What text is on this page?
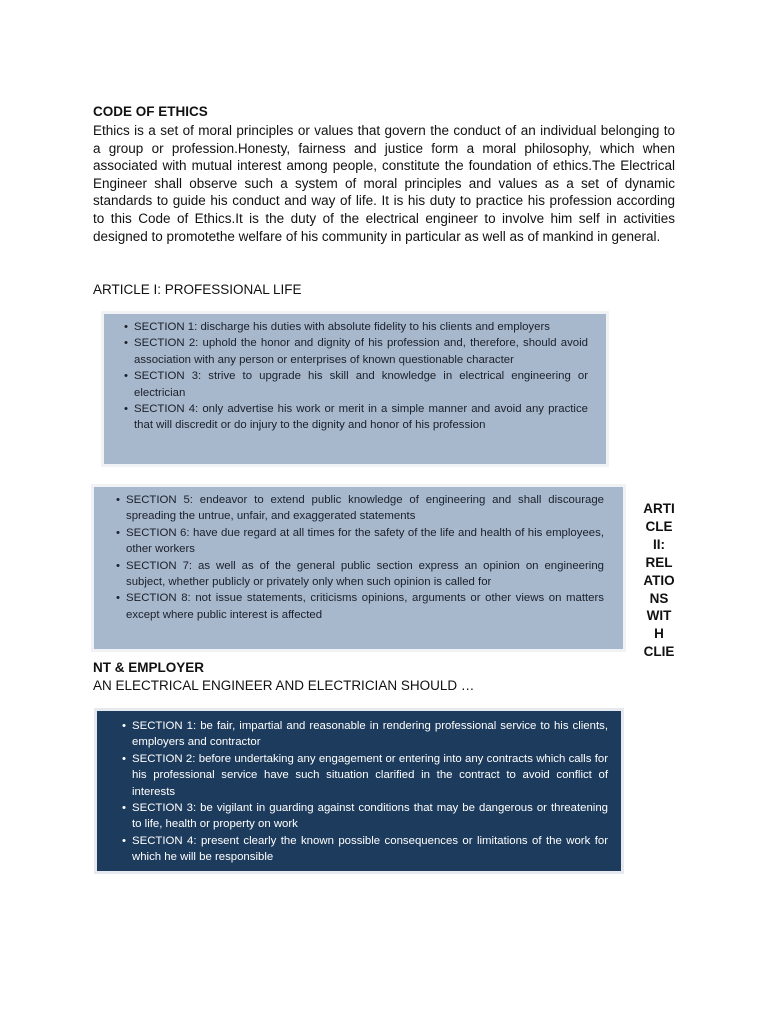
CODE OF ETHICS
Ethics is a set of moral principles or values that govern the conduct of an individual belonging to a group or profession.Honesty, fairness and justice form a moral philosophy, which when associated with mutual interest among people, constitute the foundation of ethics.The Electrical Engineer shall observe such a system of moral principles and values as a set of dynamic standards to guide his conduct and way of life. It is his duty to practice his profession according to this Code of Ethics.It is the duty of the electrical engineer to involve him self in activities designed to promotethe welfare of his community in particular as well as of mankind in general.
ARTICLE I: PROFESSIONAL LIFE
• SECTION 1: discharge his duties with absolute fidelity to his clients and employers
• SECTION 2: uphold the honor and dignity of his profession and, therefore, should avoid association with any person or enterprises of known questionable character
• SECTION 3: strive to upgrade his skill and knowledge in electrical engineering or electrician
• SECTION 4: only advertise his work or merit in a simple manner and avoid any practice that will discredit or do injury to the dignity and honor of his profession
• SECTION 5: endeavor to extend public knowledge of engineering and shall discourage spreading the untrue, unfair, and exaggerated statements
• SECTION 6: have due regard at all times for the safety of the life and health of his employees, other workers
• SECTION 7: as well as of the general public section express an opinion on engineering subject, whether publicly or privately only when such opinion is called for
• SECTION 8: not issue statements, criticisms opinions, arguments or other views on matters except where public interest is affected
ARTI
CLE
II:
REL
ATIO
NS
WIT
H
CLIE
NT & EMPLOYER
AN ELECTRICAL ENGINEER AND ELECTRICIAN SHOULD …
• SECTION 1: be fair, impartial and reasonable in rendering professional service to his clients, employers and contractor
• SECTION 2: before undertaking any engagement or entering into any contracts which calls for his professional service have such situation clarified in the contract to avoid conflict of interests
• SECTION 3: be vigilant in guarding against conditions that may be dangerous or threatening to life, health or property on work
• SECTION 4: present clearly the known possible consequences or limitations of the work for which he will be responsible
